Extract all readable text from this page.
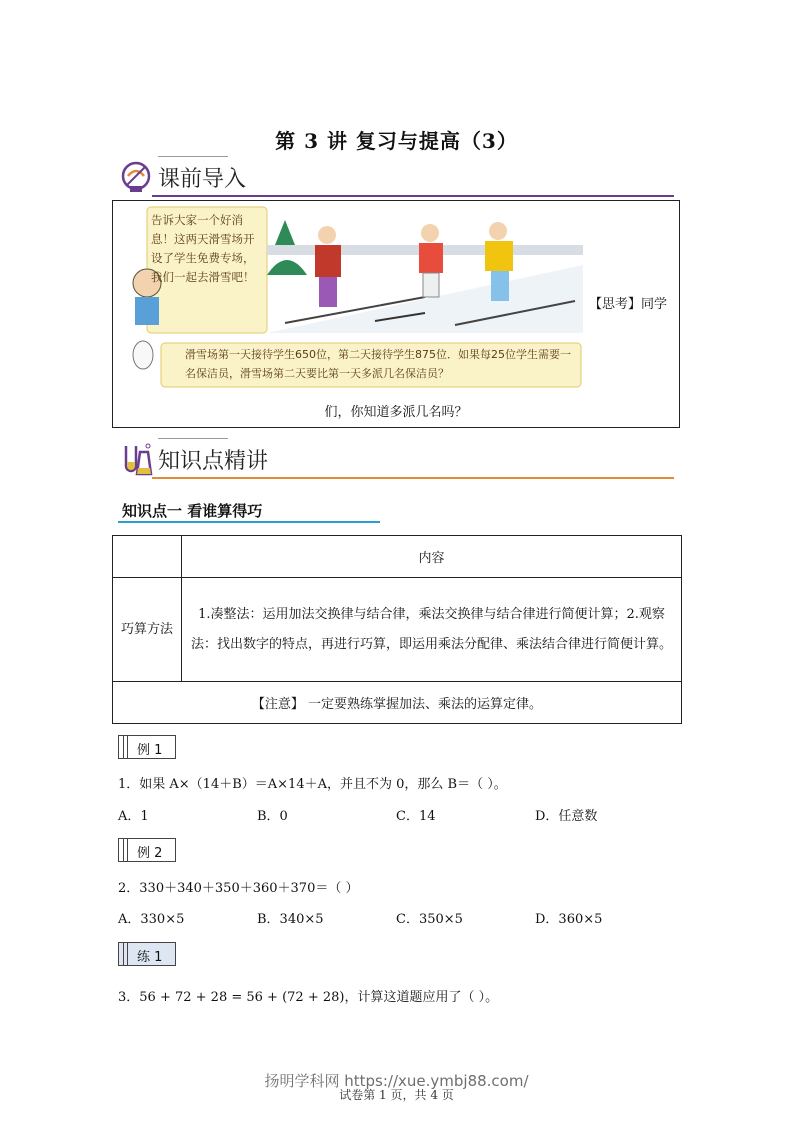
第 3 讲 复习与提高（3）
课前导入
告诉大家一个好消息！这两天滑雪场开设了学生免费专场，我们一起去滑雪吧！
滑雪场第一天接待学生650位，第二天接待学生875位．如果每25位学生需要一名保洁员，滑雪场第二天要比第一天多派几名保洁员？
【思考】同学
们，你知道多派几名吗？
知识点精讲
知识点一 看谁算得巧
	内容
巧算方法	1.凑整法：运用加法交换律与结合律，乘法交换律与结合律进行简便计算；2.观察法：找出数字的特点，再进行巧算，即运用乘法分配律、乘法结合律进行简便计算。
【注意】 一定要熟练掌握加法、乘法的运算定律。	
例 1
1．如果 A×（14＋B）＝A×14＋A，并且不为 0，那么 B＝（ ）。
A．1	B．0	C．14	D．任意数
例 2
2．330＋340＋350＋360＋370＝（ ）
A．330×5	B．340×5	C．350×5	D．360×5
练 1
3．56 + 72 + 28 = 56 + (72 + 28)，计算这道题应用了（ ）。
扬明学科网 https://xue.ymbj88.com/
试卷第 1 页，共 4 页
